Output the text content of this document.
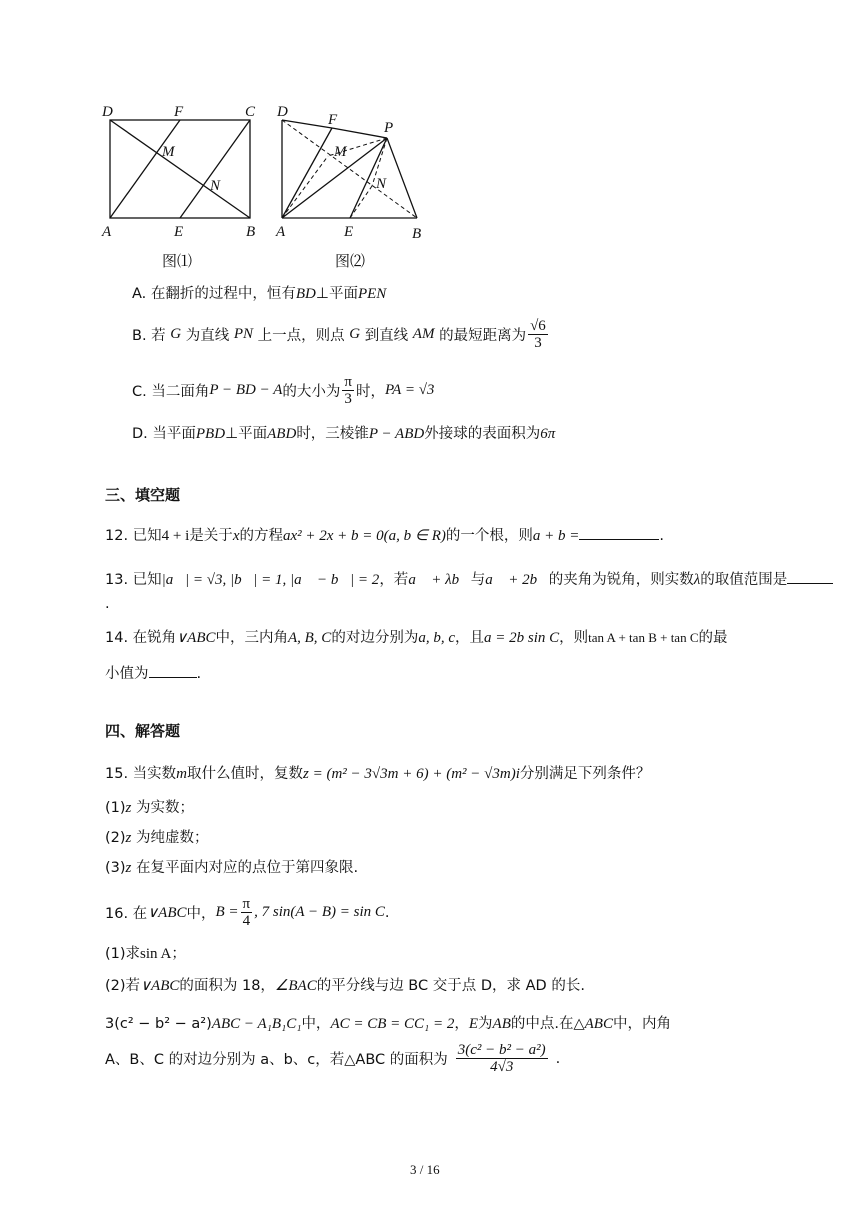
D	F	C
M
N
A	E	B
图⑴
D	F	P
M
N
A	E	B
图⑵
A. 在翻折的过程中，恒有BD⊥平面PEN
B. 若
G
为直线
PN
上一点，则点
G
到直线
AM
的最短距离为 $\frac{√6}{3}$
C. 当二面角 P − BD − A 的大小为 $\frac{\pi}{3}$ 时， PA = √3
D. 当平面PBD⊥平面ABD时，三棱锥P − ABD外接球的表面积为6π
三、填空题
12. 已知4 + i是关于x的方程ax² + 2x + b = 0(a, b ∈ R)的一个根，则a + b =	.
13. 已知|a⃗| = √3, |b⃗| = 1, |a⃗ − b⃗| = 2，若a⃗ + λb⃗与a⃗ + 2b⃗的夹角为锐角，则实数λ的取值范围是
.
14. 在锐角∨ABC中，三内角A, B, C的对边分别为a, b, c，且a = 2b sin C，则tan A + tan B + tan C的最
小值为	.
四、解答题
15. 当实数m取什么值时，复数z = (m² − 3√3m + 6) + (m² − √3m)i分别满足下列条件？
(1)z 为实数；
(2)z 为纯虚数；
(3)z 在复平面内对应的点位于第四象限.
16. 在 ∨ABC 中， $B = \frac{\pi}{4}$ , 7 sin(A − B) = sin C .
(1)求sin A；
(2)若∨ABC的面积为 18，∠BAC的平分线与边 BC 交于点 D，求 AD 的长.
3(c² − b² − a²)ABC − A₁B₁C₁中，AC = CB = CC₁ = 2，E为AB的中点.在△ABC中，内角
A、B、C 的对边分别为 a、b、c，若△ABC 的面积为 $\frac{\text{3(c² − b² − a²)}}{4√3}$ .
3 / 16
